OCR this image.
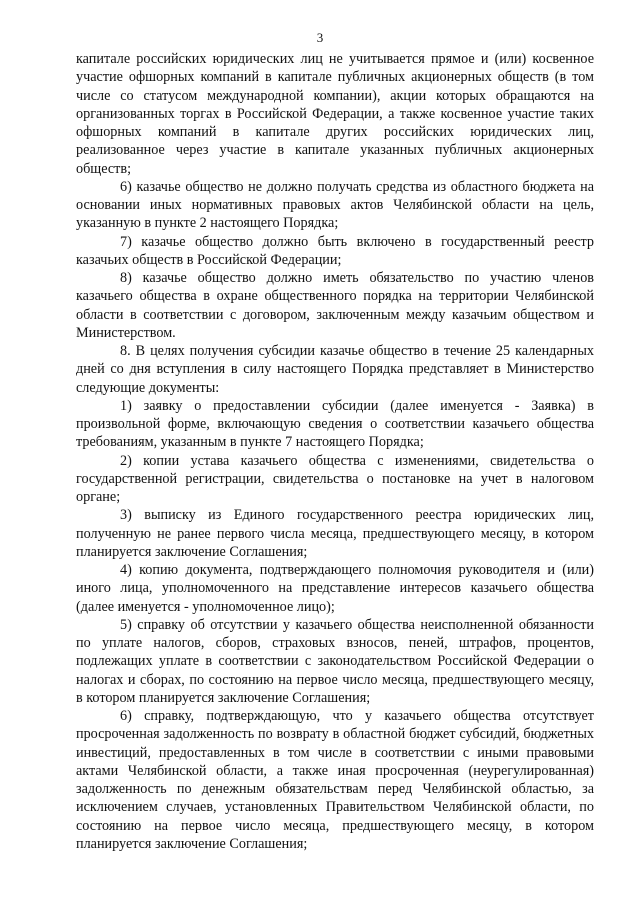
3

капитале российских юридических лиц не учитывается прямое и (или) косвенное участие офшорных компаний в капитале публичных акционерных обществ (в том числе со статусом международной компании), акции которых обращаются на организованных торгах в Российской Федерации, а также косвенное участие таких офшорных компаний в капитале других российских юридических лиц, реализованное через участие в капитале указанных публичных акционерных обществ;

6) казачье общество не должно получать средства из областного бюджета на основании иных нормативных правовых актов Челябинской области на цель, указанную в пункте 2 настоящего Порядка;

7) казачье общество должно быть включено в государственный реестр казачьих обществ в Российской Федерации;

8) казачье общество должно иметь обязательство по участию членов казачьего общества в охране общественного порядка на территории Челябинской области в соответствии с договором, заключенным между казачьим обществом и Министерством.

8. В целях получения субсидии казачье общество в течение 25 календарных дней со дня вступления в силу настоящего Порядка представляет в Министерство следующие документы:

1) заявку о предоставлении субсидии (далее именуется - Заявка) в произвольной форме, включающую сведения о соответствии казачьего общества требованиям, указанным в пункте 7 настоящего Порядка;

2) копии устава казачьего общества с изменениями, свидетельства о государственной регистрации, свидетельства о постановке на учет в налоговом органе;

3) выписку из Единого государственного реестра юридических лиц, полученную не ранее первого числа месяца, предшествующего месяцу, в котором планируется заключение Соглашения;

4) копию документа, подтверждающего полномочия руководителя и (или) иного лица, уполномоченного на представление интересов казачьего общества (далее именуется - уполномоченное лицо);

5) справку об отсутствии у казачьего общества неисполненной обязанности по уплате налогов, сборов, страховых взносов, пеней, штрафов, процентов, подлежащих уплате в соответствии с законодательством Российской Федерации о налогах и сборах, по состоянию на первое число месяца, предшествующего месяцу, в котором планируется заключение Соглашения;

6) справку, подтверждающую, что у казачьего общества отсутствует просроченная задолженность по возврату в областной бюджет субсидий, бюджетных инвестиций, предоставленных в том числе в соответствии с иными правовыми актами Челябинской области, а также иная просроченная (неурегулированная) задолженность по денежным обязательствам перед Челябинской областью, за исключением случаев, установленных Правительством Челябинской области, по состоянию на первое число месяца, предшествующего месяцу, в котором планируется заключение Соглашения;
